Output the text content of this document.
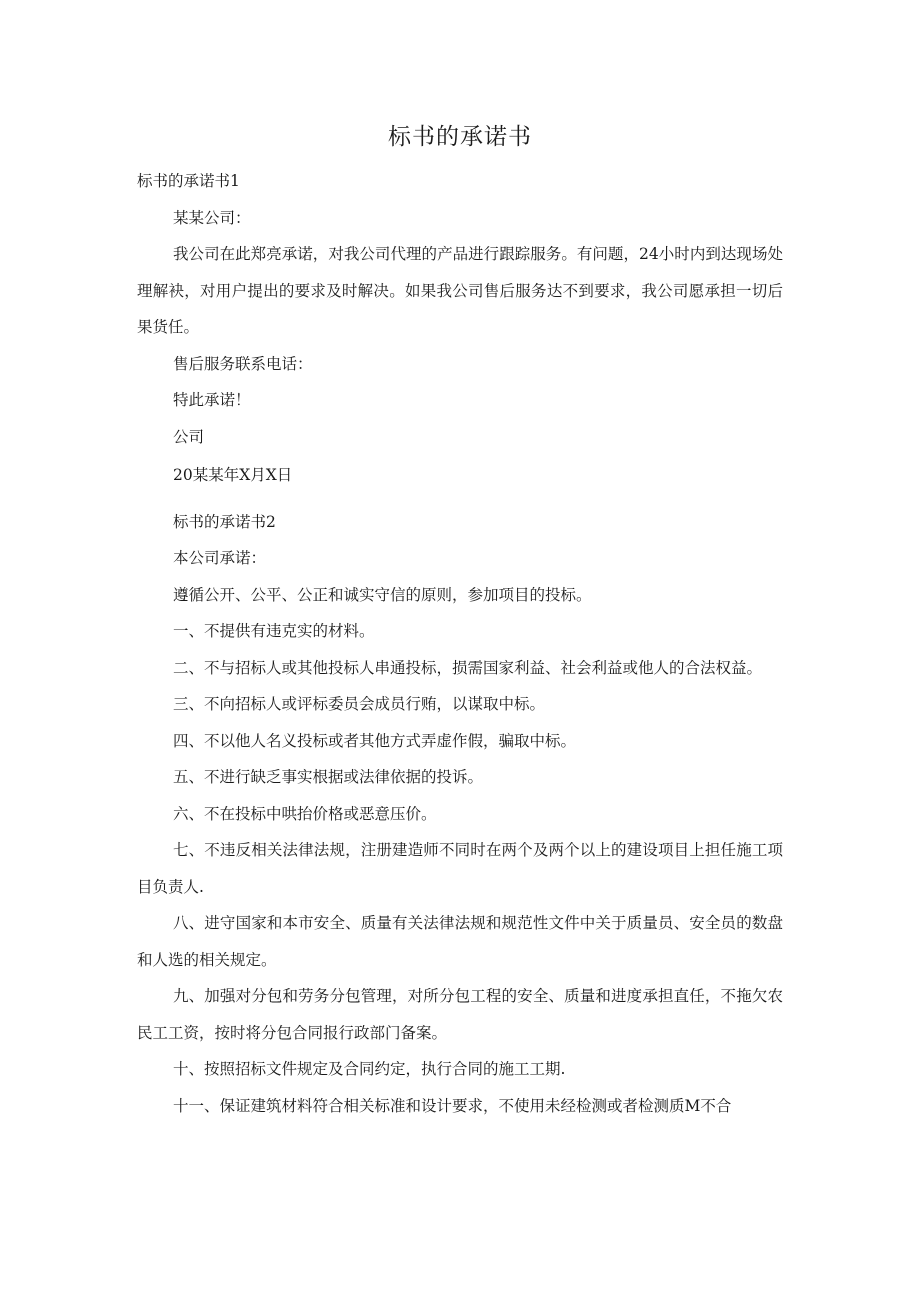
标书的承诺书

标书的承诺书1

某某公司：

我公司在此郑亮承诺，对我公司代理的产品进行跟踪服务。有问题，24小时内到达现场处理解袂，对用户提出的要求及时解决。如果我公司售后服务达不到要求，我公司愿承担一切后果货任。

售后服务联系电话：

特此承诺！

公司

20某某年X月X日

标书的承诺书2

本公司承诺：

遵循公开、公平、公正和诚实守信的原则，参加项目的投标。

一、不提供有违克实的材料。

二、不与招标人或其他投标人串通投标，损需国家利益、社会利益或他人的合法权益。

三、不向招标人或评标委员会成员行贿，以谋取中标。

四、不以他人名义投标或者其他方式弄虚作假，骗取中标。

五、不进行缺乏事实根据或法律依据的投诉。

六、不在投标中哄抬价格或恶意压价。

七、不违反相关法律法规，注册建造师不同时在两个及两个以上的建设项目上担任施工项目负责人.

八、进守国家和本市安全、质量有关法律法规和规范性文件中关于质量员、安全员的数盘和人选的相关规定。

九、加强对分包和劳务分包管理，对所分包工程的安全、质量和进度承担直任，不拖欠农民工工资，按时将分包合同报行政部门备案。

十、按照招标文件规定及合同约定，执行合同的施工工期.

十一、保证建筑材料符合相关标准和设计要求，不使用未经检测或者检测质M不合
